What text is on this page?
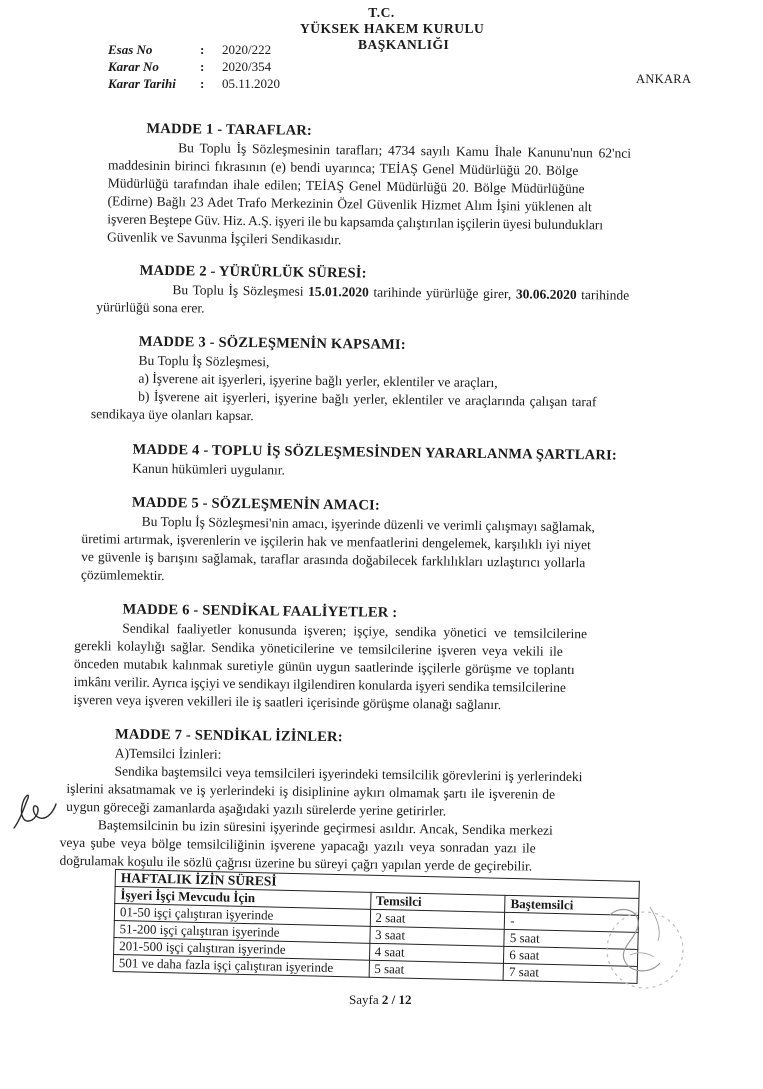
T.C.
YÜKSEK HAKEM KURULU
BAŞKANLIĞI
Esas No	:	2020/222
Karar No	:	2020/354
Karar Tarihi	:	05.11.2020	ANKARA
MADDE 1 - TARAFLAR:
Bu Toplu İş Sözleşmesinin tarafları; 4734 sayılı Kamu İhale Kanunu'nun 62'nci
maddesinin birinci fıkrasının (e) bendi uyarınca; TEİAŞ Genel Müdürlüğü 20. Bölge
Müdürlüğü tarafından ihale edilen; TEİAŞ Genel Müdürlüğü 20. Bölge Müdürlüğüne
(Edirne) Bağlı 23 Adet Trafo Merkezinin Özel Güvenlik Hizmet Alım İşini yüklenen alt
işveren Beştepe Güv. Hiz. A.Ş. işyeri ile bu kapsamda çalıştırılan işçilerin üyesi bulundukları
Güvenlik ve Savunma İşçileri Sendikasıdır.
MADDE 2 - YÜRÜRLÜK SÜRESİ:
Bu Toplu İş Sözleşmesi 15.01.2020 tarihinde yürürlüğe girer, 30.06.2020 tarihinde
yürürlüğü sona erer.
MADDE 3 - SÖZLEŞMENİN KAPSAMI:
Bu Toplu İş Sözleşmesi,
a) İşverene ait işyerleri, işyerine bağlı yerler, eklentiler ve araçları,
b) İşverene ait işyerleri, işyerine bağlı yerler, eklentiler ve araçlarında çalışan taraf
sendikaya üye olanları kapsar.
MADDE 4 - TOPLU İŞ SÖZLEŞMESİNDEN YARARLANMA ŞARTLARI:
Kanun hükümleri uygulanır.
MADDE 5 - SÖZLEŞMENİN AMACI:
Bu Toplu İş Sözleşmesi'nin amacı, işyerinde düzenli ve verimli çalışmayı sağlamak,
üretimi artırmak, işverenlerin ve işçilerin hak ve menfaatlerini dengelemek, karşılıklı iyi niyet
ve güvenle iş barışını sağlamak, taraflar arasında doğabilecek farklılıkları uzlaştırıcı yollarla
çözümlemektir.
MADDE 6 - SENDİKAL FAALİYETLER :
Sendikal faaliyetler konusunda işveren; işçiye, sendika yönetici ve temsilcilerine
gerekli kolaylığı sağlar. Sendika yöneticilerine ve temsilcilerine işveren veya vekili ile
önceden mutabık kalınmak suretiyle günün uygun saatlerinde işçilerle görüşme ve toplantı
imkânı verilir. Ayrıca işçiyi ve sendikayı ilgilendiren konularda işyeri sendika temsilcilerine
işveren veya işveren vekilleri ile iş saatleri içerisinde görüşme olanağı sağlanır.
MADDE 7 - SENDİKAL İZİNLER:
A)Temsilci İzinleri:
Sendika baştemsilci veya temsilcileri işyerindeki temsilcilik görevlerini iş yerlerindeki
işlerini aksatmamak ve iş yerlerindeki iş disiplinine aykırı olmamak şartı ile işverenin de
uygun göreceği zamanlarda aşağıdaki yazılı sürelerde yerine getirirler.
Baştemsilcinin bu izin süresini işyerinde geçirmesi asıldır. Ancak, Sendika merkezi
veya şube veya bölge temsilciliğinin işverene yapacağı yazılı veya sonradan yazı ile
doğrulamak koşulu ile sözlü çağrısı üzerine bu süreyi çağrı yapılan yerde de geçirebilir.
HAFTALIK İZİN SÜRESİ		
İşyeri İşçi Mevcudu İçin	Temsilci	Baştemsilci
01-50 işçi çalıştıran işyerinde	2 saat	-
51-200 işçi çalıştıran işyerinde	3 saat	5 saat
201-500 işçi çalıştıran işyerinde	4 saat	6 saat
501 ve daha fazla işçi çalıştıran işyerinde	5 saat	7 saat
Sayfa 2 / 12
